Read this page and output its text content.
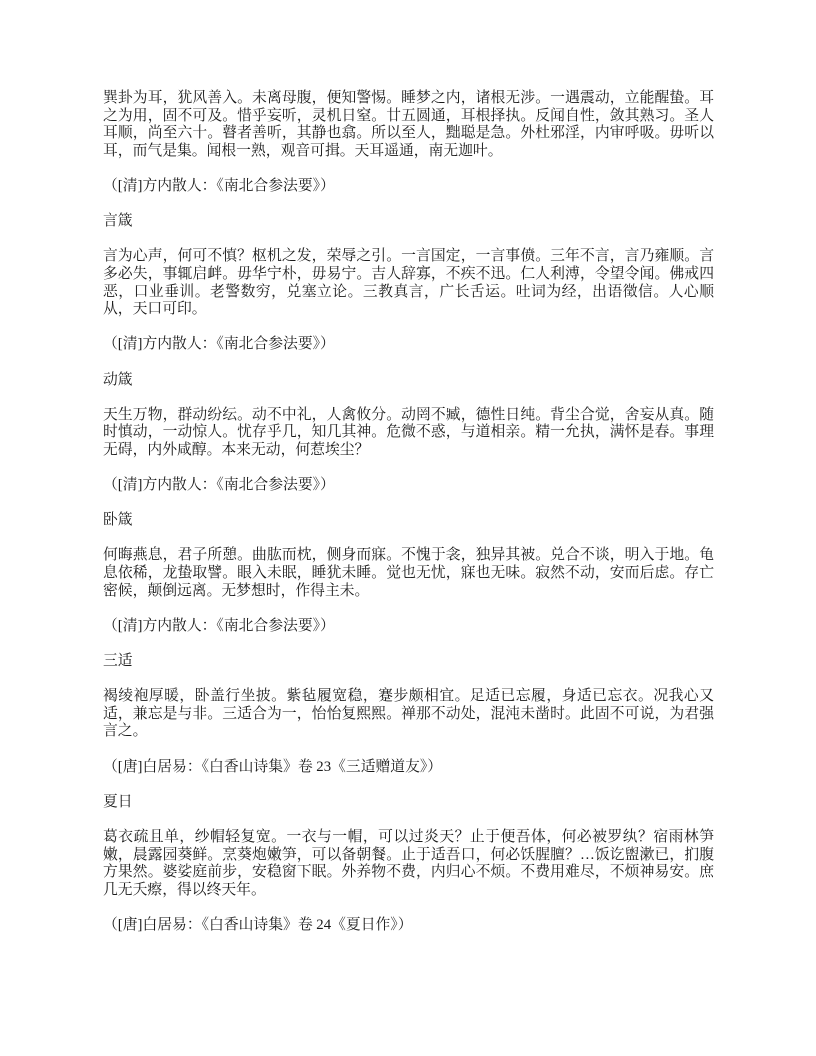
巽卦为耳，犹风善入。未离母腹，便知警惕。睡梦之内，诸根无涉。一遇震动，立能醒蛰。耳之为用，固不可及。惜乎妄听，灵机日窒。廿五圆通，耳根择执。反闻自性，敛其熟习。圣人耳顺，尚至六十。瞽者善听，其静也翕。所以至人，黜聪是急。外杜邪淫，内审呼吸。毋听以耳，而气是集。闻根一熟，观音可揖。天耳遥通，南无迦叶。

（[清]方内散人：《南北合参法要》）

言箴

言为心声，何可不慎？枢机之发，荣辱之引。一言国定，一言事偾。三年不言，言乃雍顺。言多必失，事辄启衅。毋华宁朴，毋易宁。吉人辞寡，不疾不迅。仁人利溥，令望令闻。佛戒四恶，口业垂训。老警数穷，兑塞立论。三教真言，广长舌运。吐词为经，出语徵信。人心顺从，天口可印。

（[清]方内散人：《南北合参法要》）

动箴

天生万物，群动纷纭。动不中礼，人禽攸分。动罔不臧，德性日纯。背尘合觉，舍妄从真。随时慎动，一动惊人。忧存乎几，知几其神。危微不惑，与道相亲。精一允执，满怀是春。事理无碍，内外咸醇。本来无动，何惹埃尘？

（[清]方内散人：《南北合参法要》）

卧箴

何晦燕息，君子所憩。曲肱而枕，侧身而寐。不愧于衾，独异其被。兑合不谈，明入于地。龟息依稀，龙蛰取譬。眼入未眠，睡犹未睡。觉也无忧，寐也无味。寂然不动，安而后虑。存亡密候，颠倒远离。无梦想时，作得主未。

（[清]方内散人：《南北合参法要》）

三适

褐绫袍厚暖，卧盖行坐披。紫毡履宽稳，蹇步颇相宜。足适已忘履，身适已忘衣。况我心又适，兼忘是与非。三适合为一，怡怡复熙熙。禅那不动处，混沌未凿时。此固不可说，为君强言之。

（[唐]白居易：《白香山诗集》卷 23《三适赠道友》）

夏日

葛衣疏且单，纱帽轻复宽。一衣与一帽，可以过炎天？止于便吾体，何必被罗纨？宿雨林笋嫩，晨露园葵鲜。烹葵炮嫩笋，可以备朝餐。止于适吾口，何必饫腥膻？…饭讫盥漱已，扪腹方果然。婆娑庭前步，安稳窗下眠。外养物不费，内归心不烦。不费用难尽，不烦神易安。庶几无夭瘵，得以终天年。

（[唐]白居易：《白香山诗集》卷 24《夏日作》）
